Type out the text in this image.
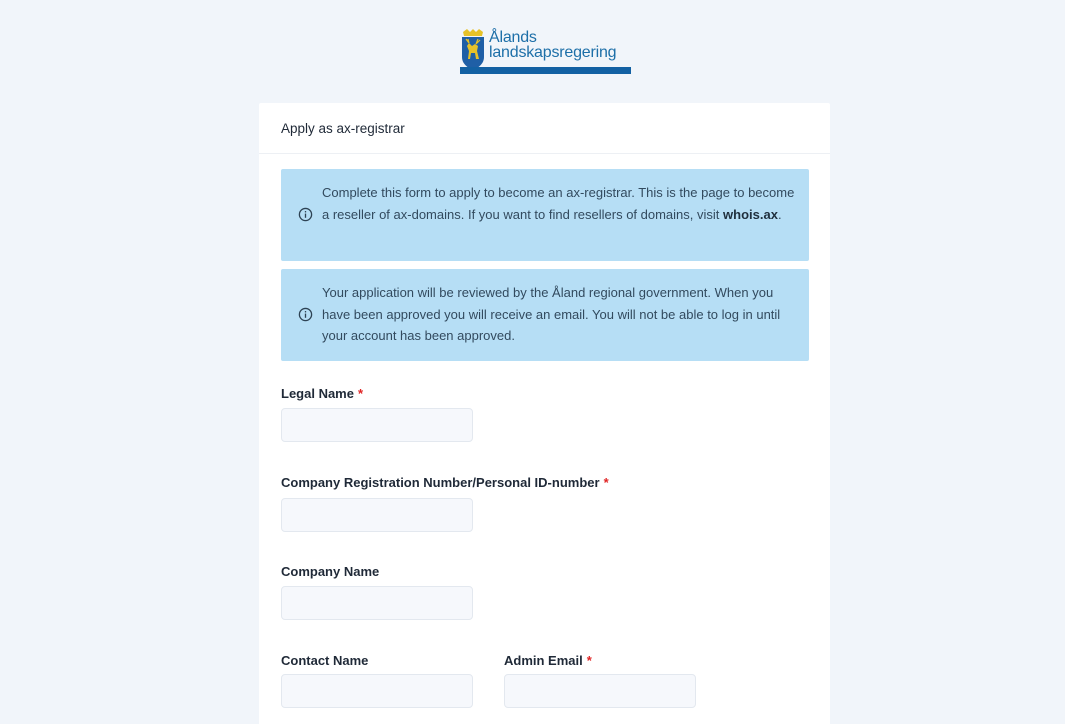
Ålands
landskapsregering
Apply as ax-registrar
Complete this form to apply to become an ax-registrar. This is the page to become a reseller of ax-domains. If you want to find resellers of domains, visit whois.ax.
Your application will be reviewed by the Åland regional government. When you have been approved you will receive an email. You will not be able to log in until your account has been approved.
Legal Name *
Company Registration Number/Personal ID-number *
Company Name
Contact Name	Admin Email *
